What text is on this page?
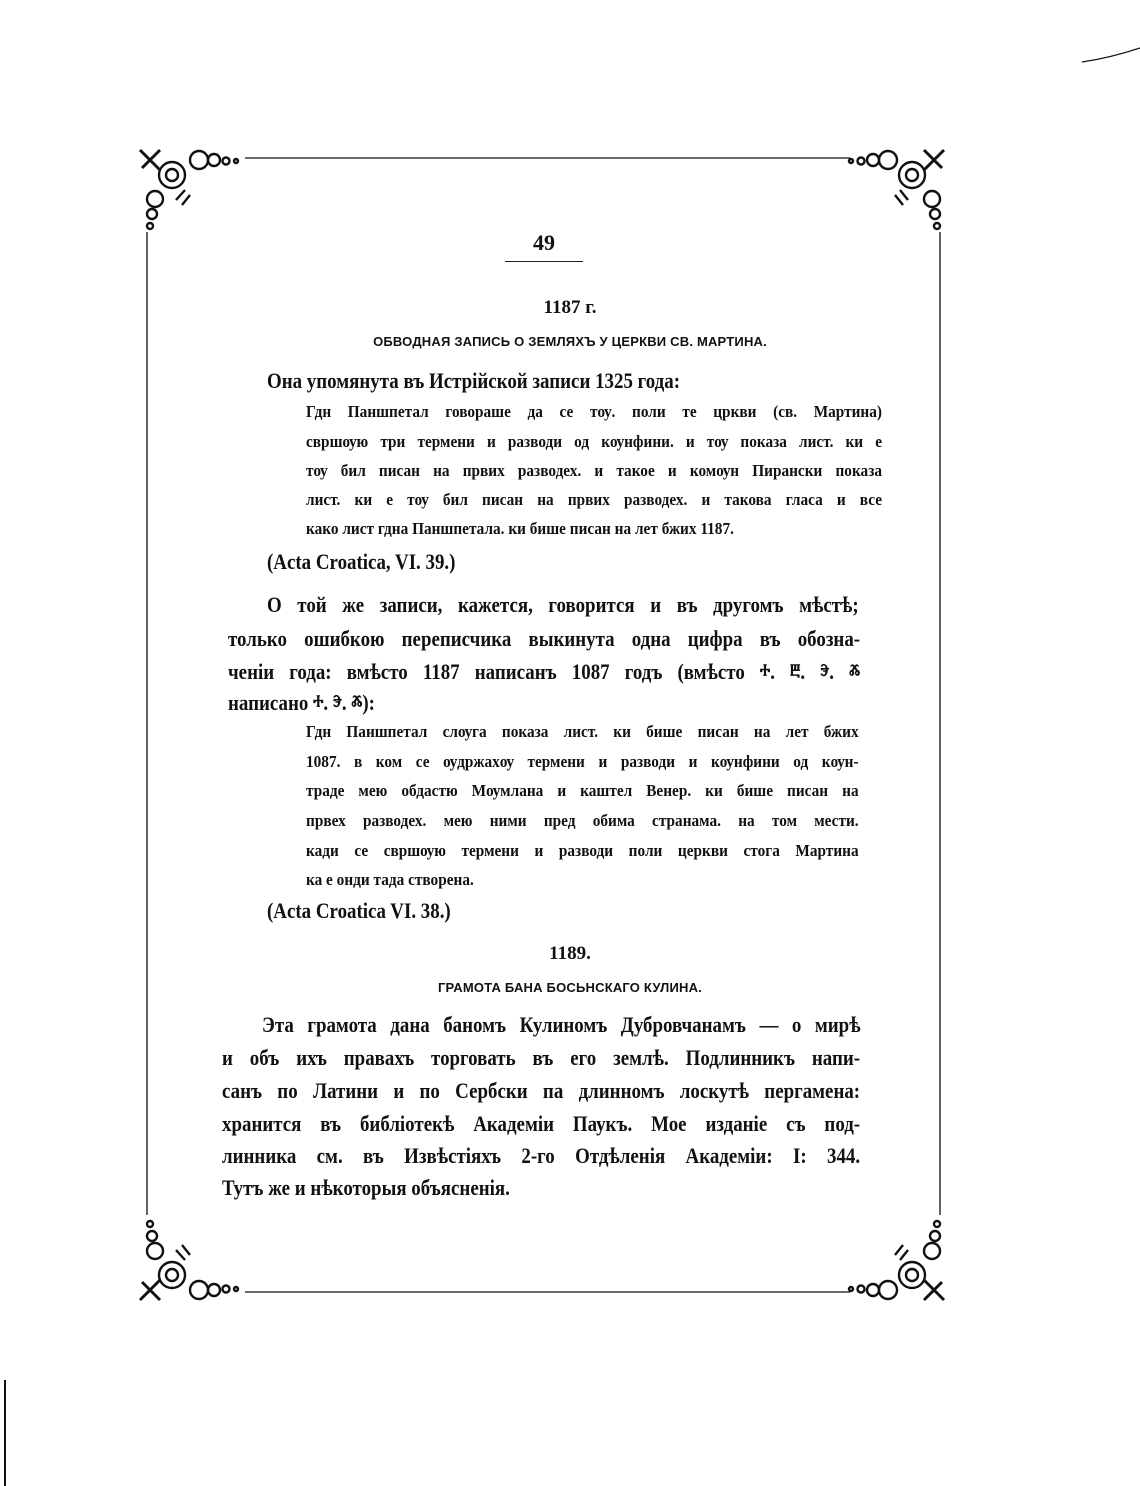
49
1187 г.
ОБВОДНАЯ ЗАПИСЬ О ЗЕМЛЯХЪ У ЦЕРКВИ СВ. МАРТИНА.
Она упомянута въ Истрійской записи 1325 года:
Гдн Паншпетал говораше да се тѹ. поли те цркви (св. Мартина)
свршѹю три термени и разводи од кѹнфини. и тѹ показа лист. ки е
тѹ бил писан на првих разводех. и такое и комѹн Пирански показа
лист. ки е тѹ бил писан на првих разводех. и такова гласа и все
како лист гдна Паншпетала. ки бише писан на лет бжих 1187.
(Acta Croatica, VI. 39.)
О той же записи, кажется, говорится и въ другомъ мѣстѣ;
только ошибкою переписчика выкинута одна цифра въ обозна-
ченіи года: вмѣсто 1187 написанъ 1087 годъ (вмѣсто ⰰ. ⰱ. ⰵ. ⰶ
написано ⰰ. ⰵ. ⰶ):
Гдн Паншпетал слѹга показа лист. ки бише писан на лет бжих
1087. в ком се ѹдржахѹ термени и разводи и кѹнфини од кѹн-
траде мею обдастю Мѹмлана и каштел Венер. ки бише писан на
првех разводех. мею ними пред обима странама. на том мести.
кади се свршѹю термени и разводи поли церкви стога Мартина
ка е онди тада створена.
(Acta Croatica VI. 38.)
1189.
ГРАМОТА БАНА БОСЬНСКАГО КУЛИНА.
Эта грамота дана баномъ Кулиномъ Дубровчанамъ — о мирѣ
и объ ихъ правахъ торговать въ его землѣ. Подлинникъ напи-
санъ по Латини и по Сербски па длинномъ лоскутѣ пергамена:
хранится въ библіотекѣ Академіи Паукъ. Мое изданіе съ под-
линника см. въ Извѣстіяхъ 2-го Отдѣленія Академіи: I: 344.
Тутъ же и нѣкоторыя объясненія.
